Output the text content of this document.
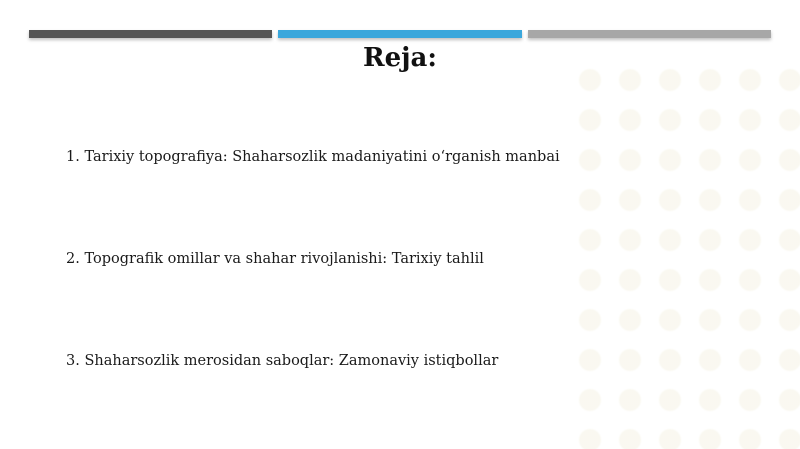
Reja:
1. Tarixiy topografiya: Shaharsozlik madaniyatini o‘rganish manbai
2. Topografik omillar va shahar rivojlanishi: Tarixiy tahlil
3. Shaharsozlik merosidan saboqlar: Zamonaviy istiqbollar
